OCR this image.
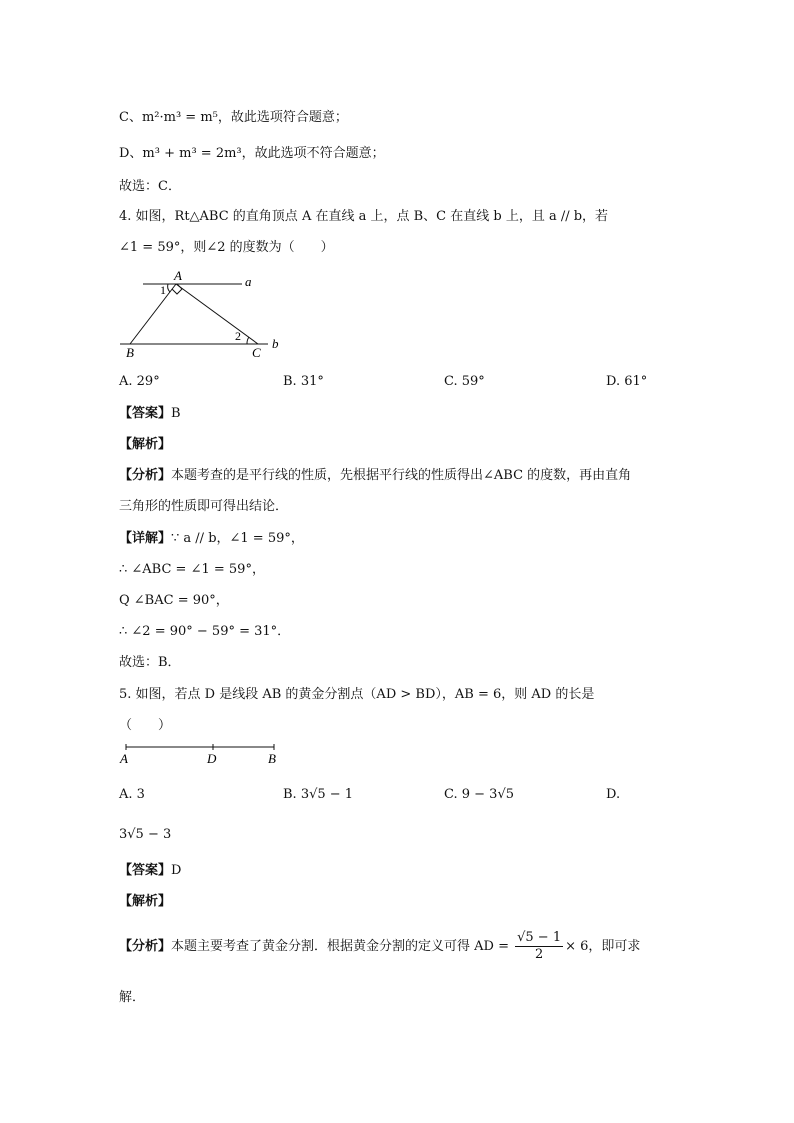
C、m²·m³ = m⁵，故此选项符合题意；
D、m³ + m³ = 2m³，故此选项不符合题意；
故选：C．
4. 如图，Rt△ABC 的直角顶点 A 在直线 a 上，点 B、C 在直线 b 上，且 a // b，若
∠1 = 59°，则∠2 的度数为（　　）
A
1
a
2 b
B	C
A. 29°	B. 31°	C. 59°	D. 61°
【答案】B
【解析】
【分析】本题考查的是平行线的性质，先根据平行线的性质得出∠ABC 的度数，再由直角
三角形的性质即可得出结论．
【详解】∵ a // b，∠1 = 59°，
∴ ∠ABC = ∠1 = 59°，
Q ∠BAC = 90°，
∴ ∠2 = 90° − 59° = 31°．
故选：B．
5. 如图，若点 D 是线段 AB 的黄金分割点（AD > BD），AB = 6，则 AD 的长是
（　　）
A	D	B
A. 3	B. 3√5 − 1	C. 9 − 3√5	D.
3√5 − 3
【答案】D
【解析】
【分析】本题主要考查了黄金分割．根据黄金分割的定义可得 AD = $\frac{√5 - 1}{2} \times 6$，即可求
解．
